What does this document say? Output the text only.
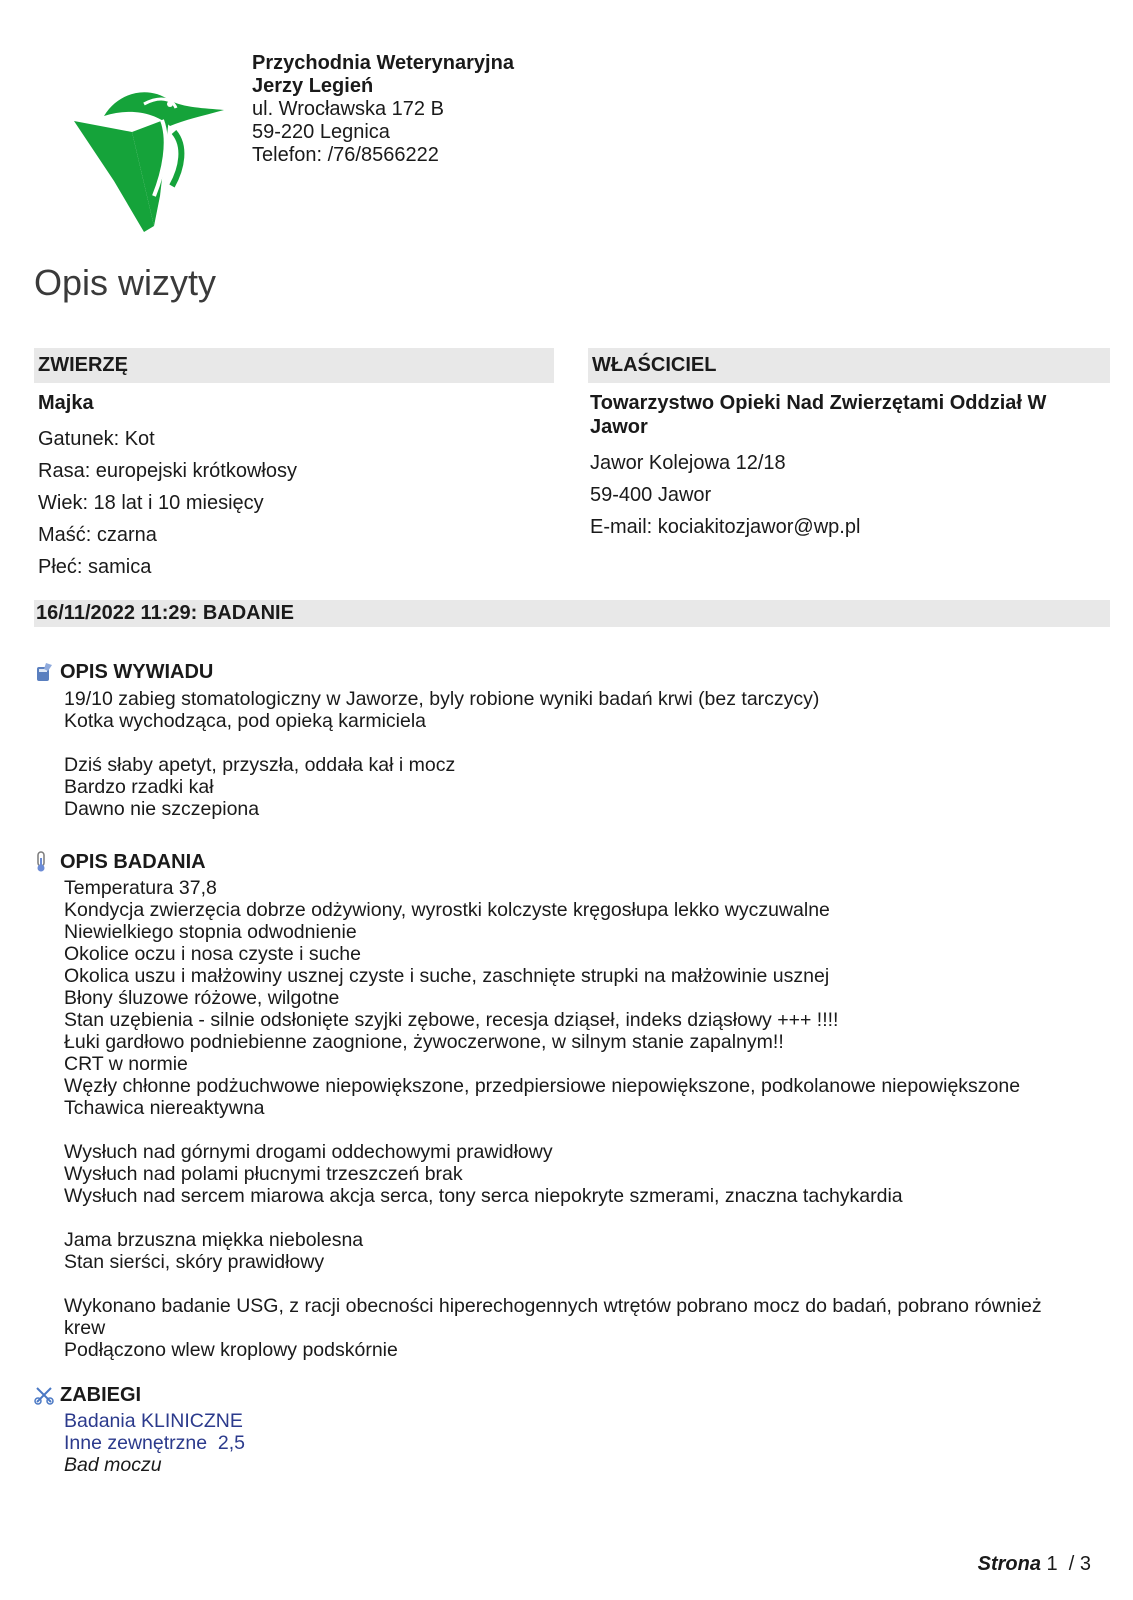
Przychodnia Weterynaryjna
Jerzy Legień
ul. Wrocławska 172 B
59-220 Legnica
Telefon: /76/8566222
Opis wizyty
ZWIERZĘ	WŁAŚCICIEL
Majka
Gatunek: Kot
Rasa: europejski krótkowłosy
Wiek: 18 lat i 10 miesięcy
Maść: czarna
Płeć: samica
Towarzystwo Opieki Nad Zwierzętami Oddział W Jawor
Jawor Kolejowa 12/18
59-400 Jawor
E-mail: kociakitozjawor@wp.pl
16/11/2022 11:29: BADANIE
OPIS WYWIADU
19/10 zabieg stomatologiczny w Jaworze, byly robione wyniki badań krwi (bez tarczycy)
Kotka wychodząca, pod opieką karmiciela
Dziś słaby apetyt, przyszła, oddała kał i mocz
Bardzo rzadki kał
Dawno nie szczepiona
OPIS BADANIA
Temperatura 37,8
Kondycja zwierzęcia dobrze odżywiony, wyrostki kolczyste kręgosłupa lekko wyczuwalne
Niewielkiego stopnia odwodnienie
Okolice oczu i nosa czyste i suche
Okolica uszu i małżowiny usznej czyste i suche, zaschnięte strupki na małżowinie usznej
Błony śluzowe różowe, wilgotne
Stan uzębienia - silnie odsłonięte szyjki zębowe, recesja dziąseł, indeks dziąsłowy +++ !!!!
Łuki gardłowo podniebienne zaognione, żywoczerwone, w silnym stanie zapalnym!!
CRT w normie
Węzły chłonne podżuchwowe niepowiększone, przedpiersiowe niepowiększone, podkolanowe niepowiększone
Tchawica niereaktywna
Wysłuch nad górnymi drogami oddechowymi prawidłowy
Wysłuch nad polami płucnymi trzeszczeń brak
Wysłuch nad sercem miarowa akcja serca, tony serca niepokryte szmerami, znaczna tachykardia
Jama brzuszna miękka niebolesna
Stan sierści, skóry prawidłowy
Wykonano badanie USG, z racji obecności hiperechogennych wtrętów pobrano mocz do badań, pobrano również
krew
Podłączono wlew kroplowy podskórnie
ZABIEGI
Badania KLINICZNE
Inne zewnętrzne  2,5
Bad moczu
Strona 1  / 3
